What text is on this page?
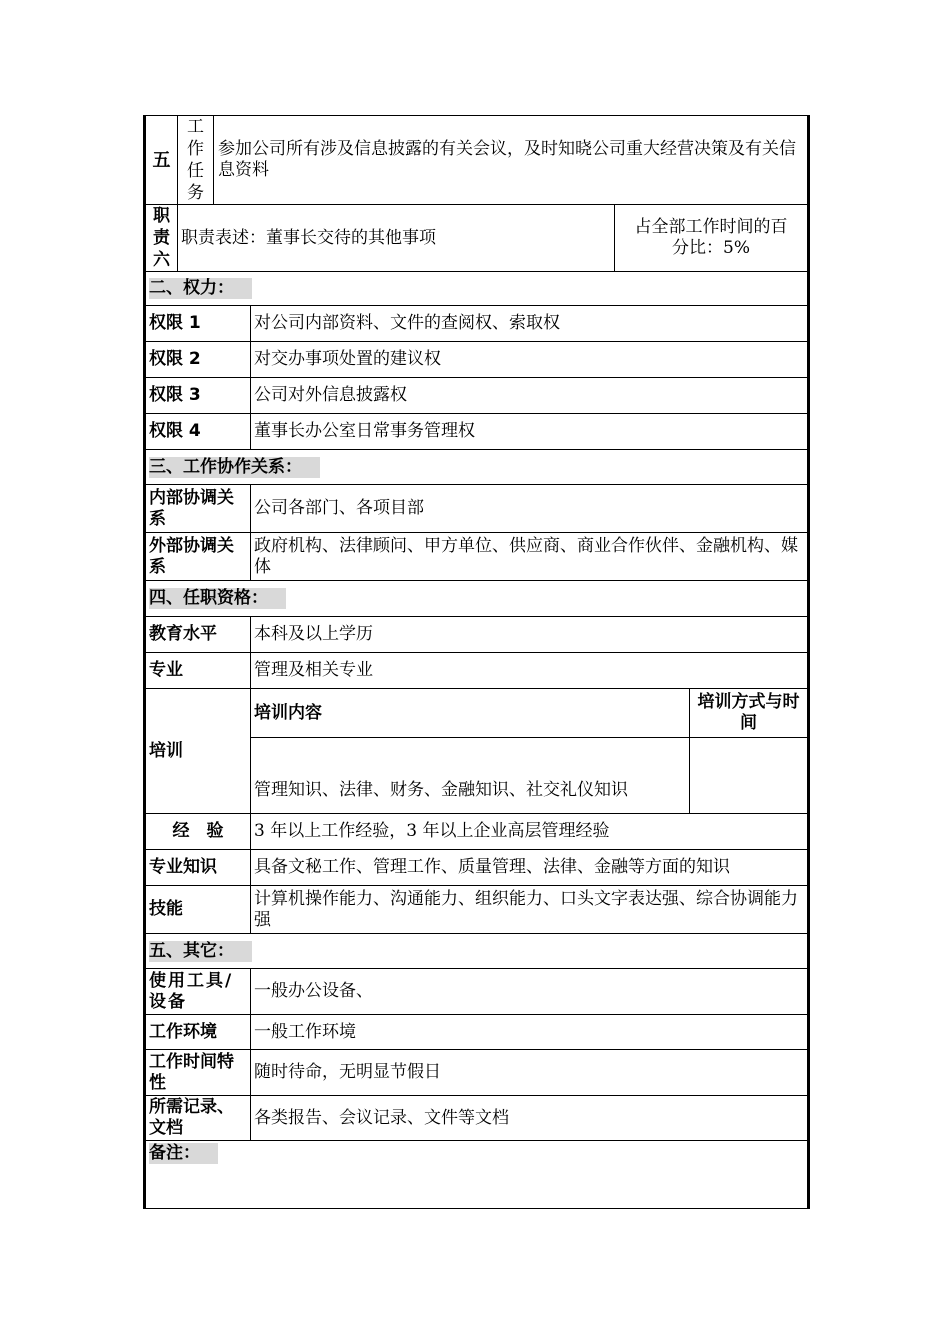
五	工作任务	参加公司所有涉及信息披露的有关会议，及时知晓公司重大经营决策及有关信息资料			

职责六	职责表述：董事长交待的其他事项			占全部工作时间的百分比：5%	
二、权力：					
权限 1			对公司内部资料、文件的查阅权、索取权		
权限 2			对交办事项处置的建议权		
权限 3			公司对外信息披露权		
权限 4			董事长办公室日常事务管理权		
三、工作协作关系：					
内部协调关系			公司各部门、各项目部		
外部协调关系			政府机构、法律顾问、甲方单位、供应商、商业合作伙伴、金融机构、媒体		
四、任职资格：					
教育水平			本科及以上学历		
专业			管理及相关专业		
培训			培训内容		培训方式与时间
			管理知识、法律、财务、金融知识、社交礼仪知识		
经　验			3 年以上工作经验，3 年以上企业高层管理经验		
专业知识			具备文秘工作、管理工作、质量管理、法律、金融等方面的知识		
技能			计算机操作能力、沟通能力、组织能力、口头文字表达强、综合协调能力强		
五、其它：					
使用工具/设备			一般办公设备、		
工作环境			一般工作环境		
工作时间特性			随时待命，无明显节假日		
所需记录、文档			各类报告、会议记录、文件等文档		
备注：					
